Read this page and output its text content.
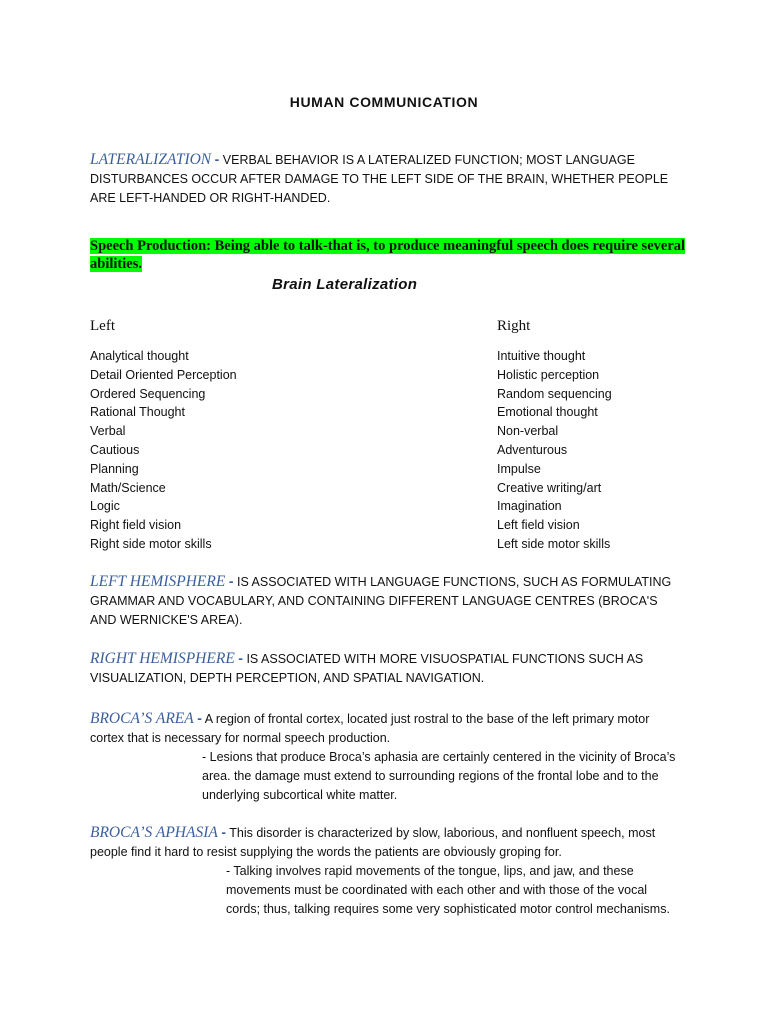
HUMAN COMMUNICATION
LATERALIZATION - VERBAL BEHAVIOR IS A LATERALIZED FUNCTION; MOST LANGUAGE DISTURBANCES OCCUR AFTER DAMAGE TO THE LEFT SIDE OF THE BRAIN, WHETHER PEOPLE ARE LEFT-HANDED OR RIGHT-HANDED.
Speech Production: Being able to talk-that is, to produce meaningful speech does require several abilities.
Brain Lateralization
Left	Right
Analytical thought
Detail Oriented Perception
Ordered Sequencing
Rational Thought
Verbal
Cautious
Planning
Math/Science
Logic
Right field vision
Right side motor skills
Intuitive thought
Holistic perception
Random sequencing
Emotional thought
Non-verbal
Adventurous
Impulse
Creative writing/art
Imagination
Left field vision
Left side motor skills
LEFT HEMISPHERE - IS ASSOCIATED WITH LANGUAGE FUNCTIONS, SUCH AS FORMULATING GRAMMAR AND VOCABULARY, AND CONTAINING DIFFERENT LANGUAGE CENTRES (BROCA'S AND WERNICKE'S AREA).
RIGHT HEMISPHERE - IS ASSOCIATED WITH MORE VISUOSPATIAL FUNCTIONS SUCH AS VISUALIZATION, DEPTH PERCEPTION, AND SPATIAL NAVIGATION.
BROCA’S AREA - A region of frontal cortex, located just rostral to the base of the left primary motor cortex that is necessary for normal speech production.
- Lesions that produce Broca’s aphasia are certainly centered in the vicinity of Broca’s area. the damage must extend to surrounding regions of the frontal lobe and to the underlying subcortical white matter.
BROCA’S APHASIA - This disorder is characterized by slow, laborious, and nonfluent speech, most people find it hard to resist supplying the words the patients are obviously groping for.
- Talking involves rapid movements of the tongue, lips, and jaw, and these movements must be coordinated with each other and with those of the vocal cords; thus, talking requires some very sophisticated motor control mechanisms.
